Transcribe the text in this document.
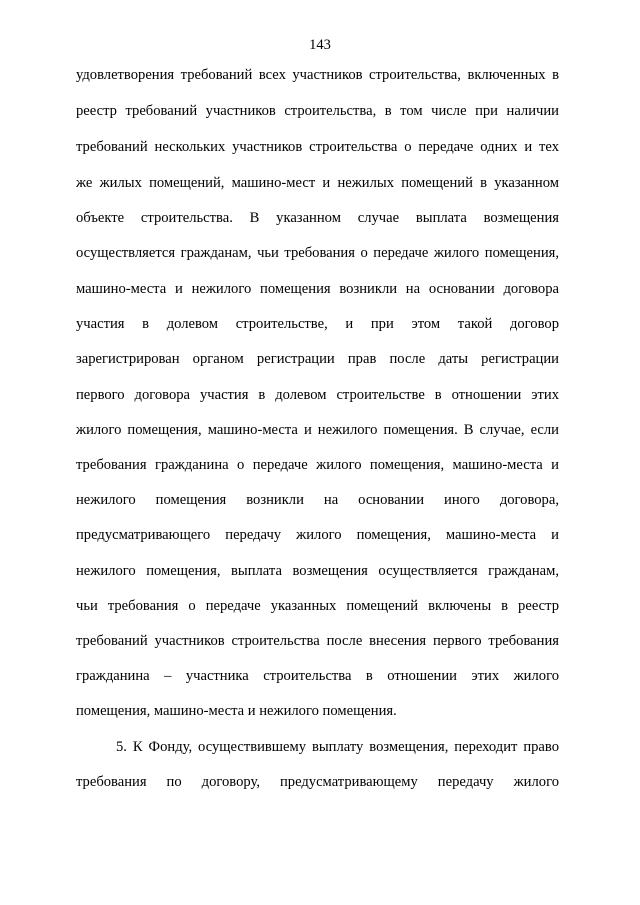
143
удовлетворения требований всех участников строительства, включенных в
реестр требований участников строительства, в том числе при наличии
требований нескольких участников строительства о передаче одних и тех
же жилых помещений, машино-мест и нежилых помещений в указанном
объекте строительства. В указанном случае выплата возмещения
осуществляется гражданам, чьи требования о передаче жилого помещения,
машино-места и нежилого помещения возникли на основании договора
участия в долевом строительстве, и при этом такой договор
зарегистрирован органом регистрации прав после даты регистрации
первого договора участия в долевом строительстве в отношении этих
жилого помещения, машино-места и нежилого помещения. В случае, если
требования гражданина о передаче жилого помещения, машино-места и
нежилого помещения возникли на основании иного договора,
предусматривающего передачу жилого помещения, машино-места и
нежилого помещения, выплата возмещения осуществляется гражданам,
чьи требования о передаче указанных помещений включены в реестр
требований участников строительства после внесения первого требования
гражданина – участника строительства в отношении этих жилого
помещения, машино-места и нежилого помещения.
5. К Фонду, осуществившему выплату возмещения, переходит право
требования по договору, предусматривающему передачу жилого
